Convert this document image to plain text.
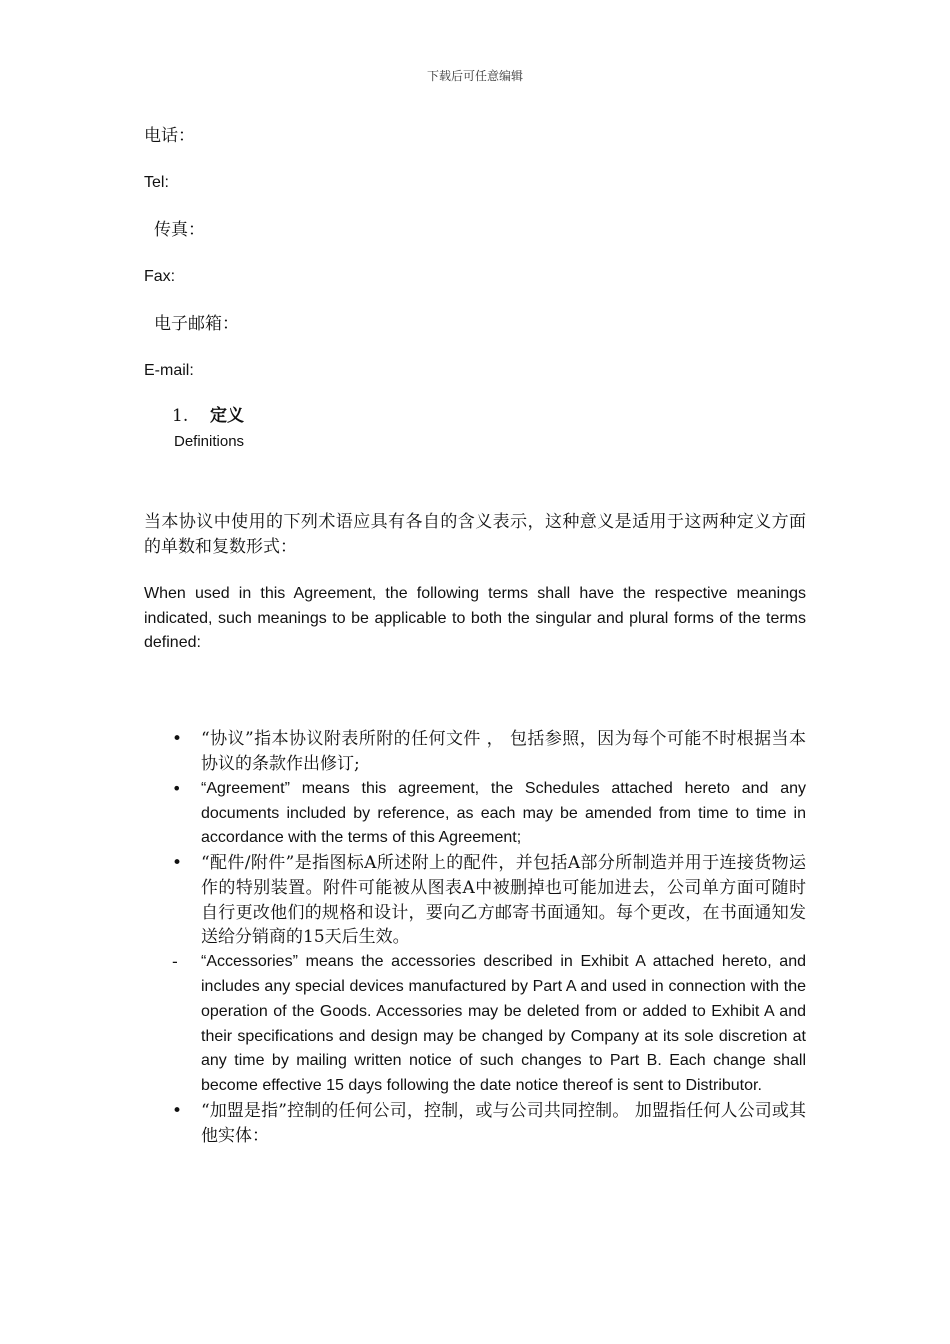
下载后可任意编辑
电话：
Tel:
传真：
Fax:
电子邮箱：
E-mail:
1. 定义
Definitions

当本协议中使用的下列术语应具有各自的含义表示，这种意义是适用于这两种定义方面的单数和复数形式：

When used in this Agreement, the following terms shall have the respective meanings indicated, such meanings to be applicable to both the singular and plural forms of the terms defined:

•	“协议”指本协议附表所附的任何文件 ， 包括参照，因为每个可能不时根据当本协议的条款作出修订;
•	“Agreement” means this agreement, the Schedules attached hereto and any documents included by reference, as each may be amended from time to time in accordance with the terms of this Agreement;
•	“配件/附件”是指图标A所述附上的配件，并包括A部分所制造并用于连接货物运作的特别装置。附件可能被从图表A中被删掉也可能加进去，公司单方面可随时自行更改他们的规格和设计，要向乙方邮寄书面通知。每个更改，在书面通知发送给分销商的15天后生效。
-	“Accessories” means the accessories described in Exhibit A attached hereto, and includes any special devices manufactured by Part A and used in connection with the operation of the Goods. Accessories may be deleted from or added to Exhibit A and their specifications and design may be changed by Company at its sole discretion at any time by mailing written notice of such changes to Part B. Each change shall become effective 15 days following the date notice thereof is sent to Distributor.
•	“加盟是指”控制的任何公司，控制，或与公司共同控制。 加盟指任何人公司或其他实体：
